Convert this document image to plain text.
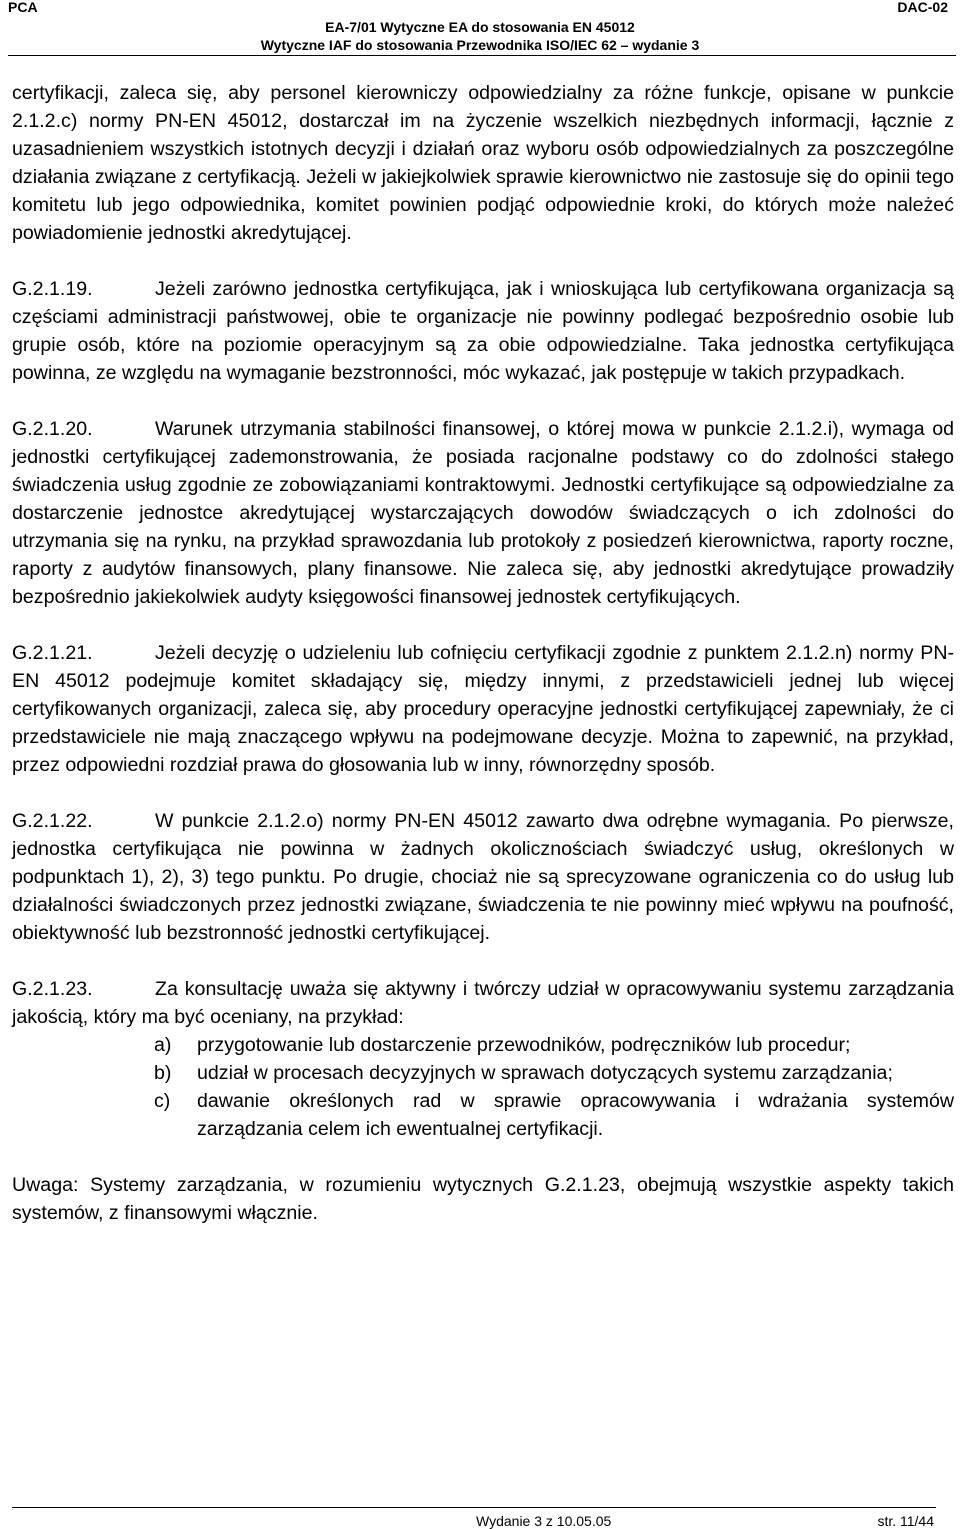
PCA	DAC-02
EA-7/01 Wytyczne EA do stosowania EN 45012
Wytyczne IAF do stosowania Przewodnika ISO/IEC 62 – wydanie 3

certyfikacji, zaleca się, aby personel kierowniczy odpowiedzialny za różne funkcje, opisane w punkcie 2.1.2.c) normy PN-EN 45012, dostarczał im na życzenie wszelkich niezbędnych informacji, łącznie z uzasadnieniem wszystkich istotnych decyzji i działań oraz wyboru osób odpowiedzialnych za poszczególne działania związane z certyfikacją. Jeżeli w jakiejkolwiek sprawie kierownictwo nie zastosuje się do opinii tego komitetu lub jego odpowiednika, komitet powinien podjąć odpowiednie kroki, do których może należeć powiadomienie jednostki akredytującej.

G.2.1.19.	Jeżeli zarówno jednostka certyfikująca, jak i wnioskująca lub certyfikowana organizacja są częściami administracji państwowej, obie te organizacje nie powinny podlegać bezpośrednio osobie lub grupie osób, które na poziomie operacyjnym są za obie odpowiedzialne. Taka jednostka certyfikująca powinna, ze względu na wymaganie bezstronności, móc wykazać, jak postępuje w takich przypadkach.

G.2.1.20.	Warunek utrzymania stabilności finansowej, o której mowa w punkcie 2.1.2.i), wymaga od jednostki certyfikującej zademonstrowania, że posiada racjonalne podstawy co do zdolności stałego świadczenia usług zgodnie ze zobowiązaniami kontraktowymi. Jednostki certyfikujące są odpowiedzialne za dostarczenie jednostce akredytującej wystarczających dowodów świadczących o ich zdolności do utrzymania się na rynku, na przykład sprawozdania lub protokoły z posiedzeń kierownictwa, raporty roczne, raporty z audytów finansowych, plany finansowe. Nie zaleca się, aby jednostki akredytujące prowadziły bezpośrednio jakiekolwiek audyty księgowości finansowej jednostek certyfikujących.

G.2.1.21.	Jeżeli decyzję o udzieleniu lub cofnięciu certyfikacji zgodnie z punktem 2.1.2.n) normy PN-EN 45012 podejmuje komitet składający się, między innymi, z przedstawicieli jednej lub więcej certyfikowanych organizacji, zaleca się, aby procedury operacyjne jednostki certyfikującej zapewniały, że ci przedstawiciele nie mają znaczącego wpływu na podejmowane decyzje. Można to zapewnić, na przykład, przez odpowiedni rozdział prawa do głosowania lub w inny, równorzędny sposób.

G.2.1.22.	W punkcie 2.1.2.o) normy PN-EN 45012 zawarto dwa odrębne wymagania. Po pierwsze, jednostka certyfikująca nie powinna w żadnych okolicznościach świadczyć usług, określonych w podpunktach 1), 2), 3) tego punktu. Po drugie, chociaż nie są sprecyzowane ograniczenia co do usług lub działalności świadczonych przez jednostki związane, świadczenia te nie powinny mieć wpływu na poufność, obiektywność lub bezstronność jednostki certyfikującej.

G.2.1.23.	Za konsultację uważa się aktywny i twórczy udział w opracowywaniu systemu zarządzania jakością, który ma być oceniany, na przykład:

a) przygotowanie lub dostarczenie przewodników, podręczników lub procedur;
b) udział w procesach decyzyjnych w sprawach dotyczących systemu zarządzania;
c) dawanie określonych rad w sprawie opracowywania i wdrażania systemów zarządzania celem ich ewentualnej certyfikacji.

Uwaga: Systemy zarządzania, w rozumieniu wytycznych G.2.1.23, obejmują wszystkie aspekty takich systemów, z finansowymi włącznie.

Wydanie 3 z 10.05.05	str. 11/44
